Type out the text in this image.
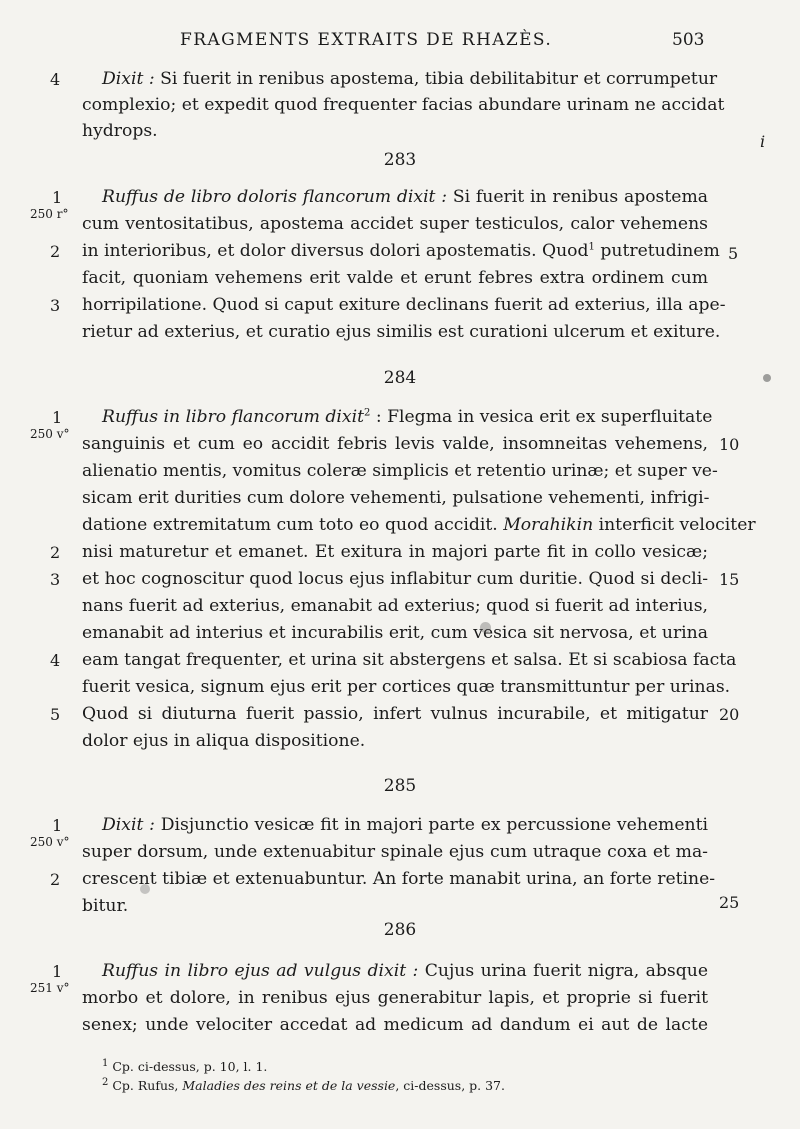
FRAGMENTS EXTRAITS DE RHAZÈS.	503
i
Dixit : Si fuerit in renibus apostema, tibia debilitabitur et corrumpetur
complexio; et expedit quod frequenter facias abundare urinam ne accidat
hydrops.
283
Ruffus de libro doloris flancorum dixit : Si fuerit in renibus apostema
cum ventositatibus, apostema accidet super testiculos, calor vehemens
in interioribus, et dolor diversus dolori apostematis. Quod$^1$ putretudinem
facit, quoniam vehemens erit valde et erunt febres extra ordinem cum
horripilatione. Quod si caput exiture declinans fuerit ad exterius, illa ape-
rietur ad exterius, et curatio ejus similis est curationi ulcerum et exiture.
284
Ruffus in libro flancorum dixit$^2$ : Flegma in vesica erit ex superfluitate
sanguinis et cum eo accidit febris levis valde, insomneitas vehemens,
alienatio mentis, vomitus coleræ simplicis et retentio urinæ; et super ve-
sicam erit durities cum dolore vehementi, pulsatione vehementi, infrigi-
datione extremitatum cum toto eo quod accidit. Morahikin interficit velociter
nisi maturetur et emanet. Et exitura in majori parte fit in collo vesicæ;
et hoc cognoscitur quod locus ejus inflabitur cum duritie. Quod si decli-
nans fuerit ad exterius, emanabit ad exterius; quod si fuerit ad interius,
emanabit ad interius et incurabilis erit, cum vesica sit nervosa, et urina
eam tangat frequenter, et urina sit abstergens et salsa. Et si scabiosa facta
fuerit vesica, signum ejus erit per cortices quæ transmittuntur per urinas.
Quod si diuturna fuerit passio, infert vulnus incurabile, et mitigatur
dolor ejus in aliqua dispositione.
285
Dixit : Disjunctio vesicæ fit in majori parte ex percussione vehementi
super dorsum, unde extenuabitur spinale ejus cum utraque coxa et ma-
crescent tibiæ et extenuabuntur. An forte manabit urina, an forte retine-
bitur.
286
Ruffus in libro ejus ad vulgus dixit : Cujus urina fuerit nigra, absque
morbo et dolore, in renibus ejus generabitur lapis, et proprie si fuerit
senex; unde velociter accedat ad medicum ad dandum ei aut de lacte
4
1
250 r°
2
3
1
250 v°
2
3
4
5
1
250 v°
2
1
251 v°
5
10
15
20
25
$^1$ Cp. ci-dessus, p. 10, l. 1.
$^2$ Cp. Rufus, Maladies des reins et de la vessie, ci-dessus, p. 37.
